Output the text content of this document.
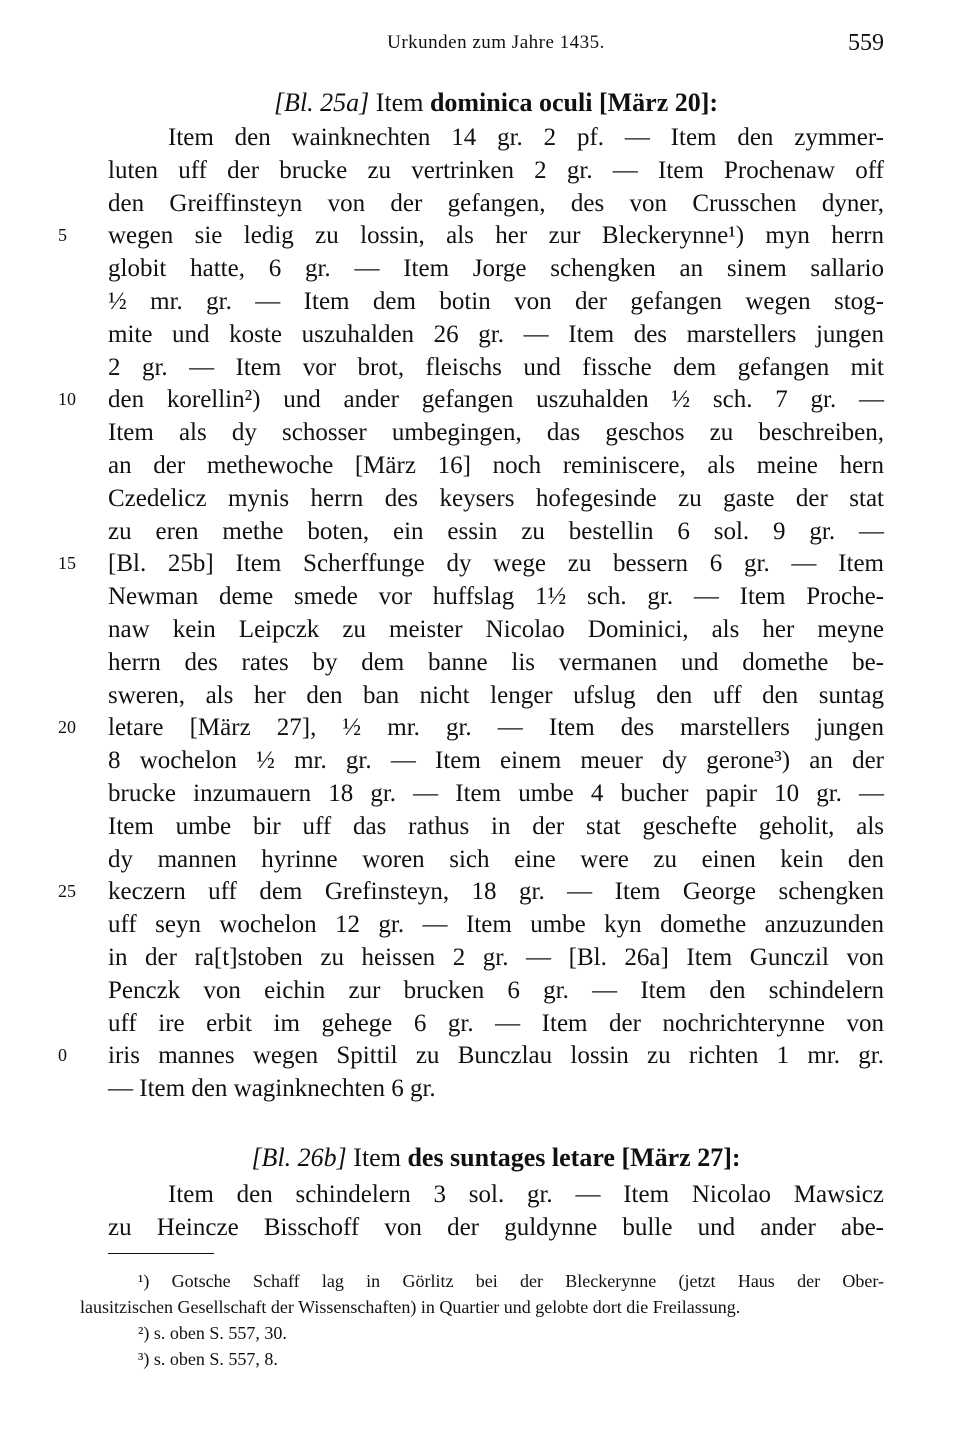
Urkunden zum Jahre 1435.	559
[Bl. 25a] Item dominica oculi [März 20]:
Item den wainknechten 14 gr. 2 pf. — Item den zymmer-
luten uff der brucke zu vertrinken 2 gr. — Item Prochenaw off
den Greiffinsteyn von der gefangen, des von Crusschen dyner,
wegen sie ledig zu lossin, als her zur Bleckerynne¹) myn herrn
globit hatte, 6 gr. — Item Jorge schengken an sinem sallario
½ mr. gr. — Item dem botin von der gefangen wegen stog-
mite und koste uszuhalden 26 gr. — Item des marstellers jungen
2 gr. — Item vor brot, fleischs und fissche dem gefangen mit
den korellin²) und ander gefangen uszuhalden ½ sch. 7 gr. —
Item als dy schosser umbegingen, das geschos zu beschreiben,
an der methewoche [März 16] noch reminiscere, als meine hern
Czedelicz mynis herrn des keysers hofegesinde zu gaste der stat
zu eren methe boten, ein essin zu bestellin 6 sol. 9 gr. —
[Bl. 25b] Item Scherffunge dy wege zu bessern 6 gr. — Item
Newman deme smede vor huffslag 1½ sch. gr. — Item Proche-
naw kein Leipczk zu meister Nicolao Dominici, als her meyne
herrn des rates by dem banne lis vermanen und domethe be-
sweren, als her den ban nicht lenger ufslug den uff den suntag
letare [März 27], ½ mr. gr. — Item des marstellers jungen
8 wochelon ½ mr. gr. — Item einem meuer dy gerone³) an der
brucke inzumauern 18 gr. — Item umbe 4 bucher papir 10 gr. —
Item umbe bir uff das rathus in der stat geschefte geholit, als
dy mannen hyrinne woren sich eine were zu einen kein den
keczern uff dem Grefinsteyn, 18 gr. — Item George schengken
uff seyn wochelon 12 gr. — Item umbe kyn domethe anzuzunden
in der ra[t]stoben zu heissen 2 gr. — [Bl. 26a] Item Gunczil von
Penczk von eichin zur brucken 6 gr. — Item den schindelern
uff ire erbit im gehege 6 gr. — Item der nochrichterynne von
iris mannes wegen Spittil zu Bunczlau lossin zu richten 1 mr. gr.
— Item den waginknechten 6 gr.
5
10
15
20
25
0
[Bl. 26b] Item des suntages letare [März 27]:
Item den schindelern 3 sol. gr. — Item Nicolao Mawsicz
zu Heincze Bisschoff von der guldynne bulle und ander abe-
¹) Gotsche Schaff lag in Görlitz bei der Bleckerynne (jetzt Haus der Ober-
lausitzischen Gesellschaft der Wissenschaften) in Quartier und gelobte dort die Freilassung.
²) s. oben S. 557, 30.
³) s. oben S. 557, 8.
